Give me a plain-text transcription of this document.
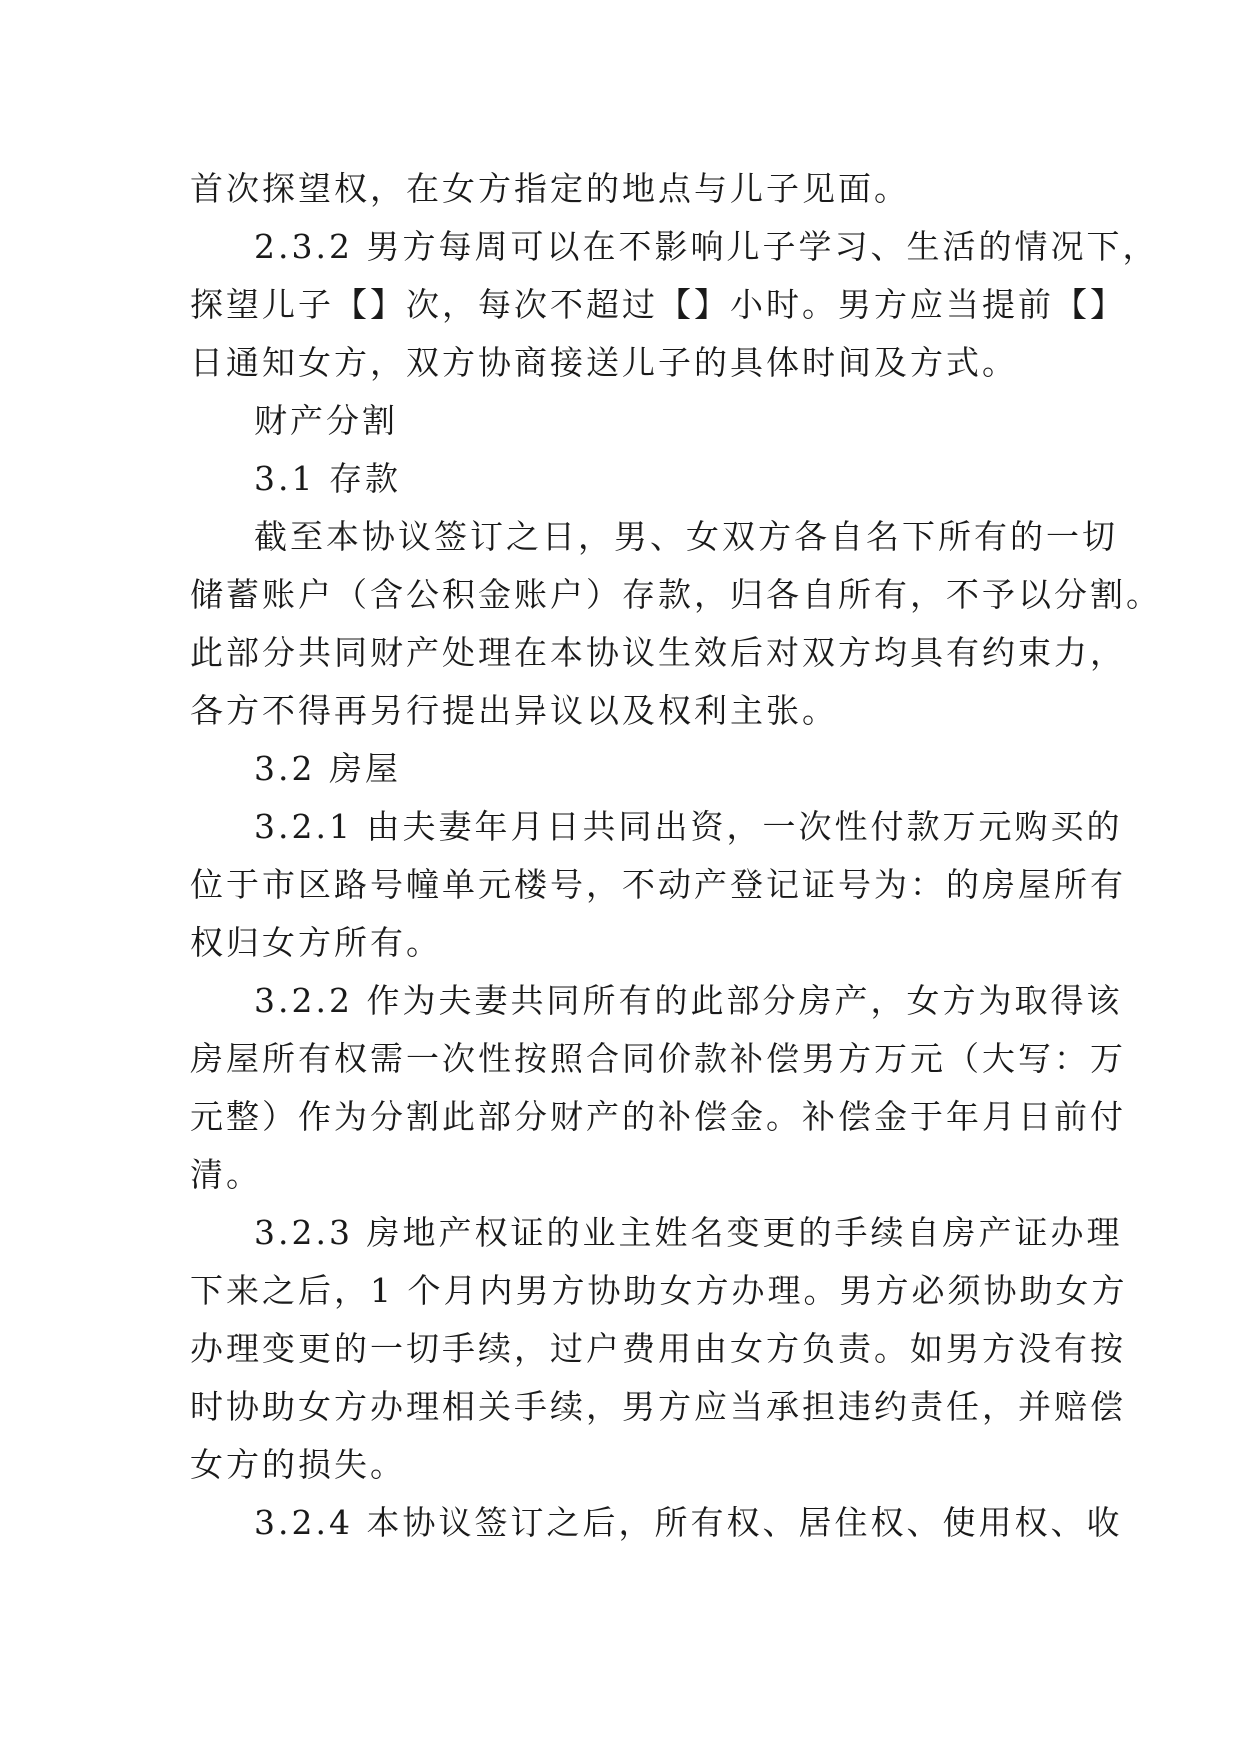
首次探望权，在女方指定的地点与儿子见面。
2.3.2 男方每周可以在不影响儿子学习、生活的情况下，
探望儿子【】次，每次不超过【】小时。男方应当提前【】
日通知女方，双方协商接送儿子的具体时间及方式。
财产分割
3.1 存款
截至本协议签订之日，男、女双方各自名下所有的一切
储蓄账户（含公积金账户）存款，归各自所有，不予以分割。
此部分共同财产处理在本协议生效后对双方均具有约束力，
各方不得再另行提出异议以及权利主张。
3.2 房屋
3.2.1 由夫妻年月日共同出资，一次性付款万元购买的
位于市区路号幢单元楼号，不动产登记证号为：的房屋所有
权归女方所有。
3.2.2 作为夫妻共同所有的此部分房产，女方为取得该
房屋所有权需一次性按照合同价款补偿男方万元（大写：万
元整）作为分割此部分财产的补偿金。补偿金于年月日前付
清。
3.2.3 房地产权证的业主姓名变更的手续自房产证办理
下来之后，1 个月内男方协助女方办理。男方必须协助女方
办理变更的一切手续，过户费用由女方负责。如男方没有按
时协助女方办理相关手续，男方应当承担违约责任，并赔偿
女方的损失。
3.2.4 本协议签订之后，所有权、居住权、使用权、收
